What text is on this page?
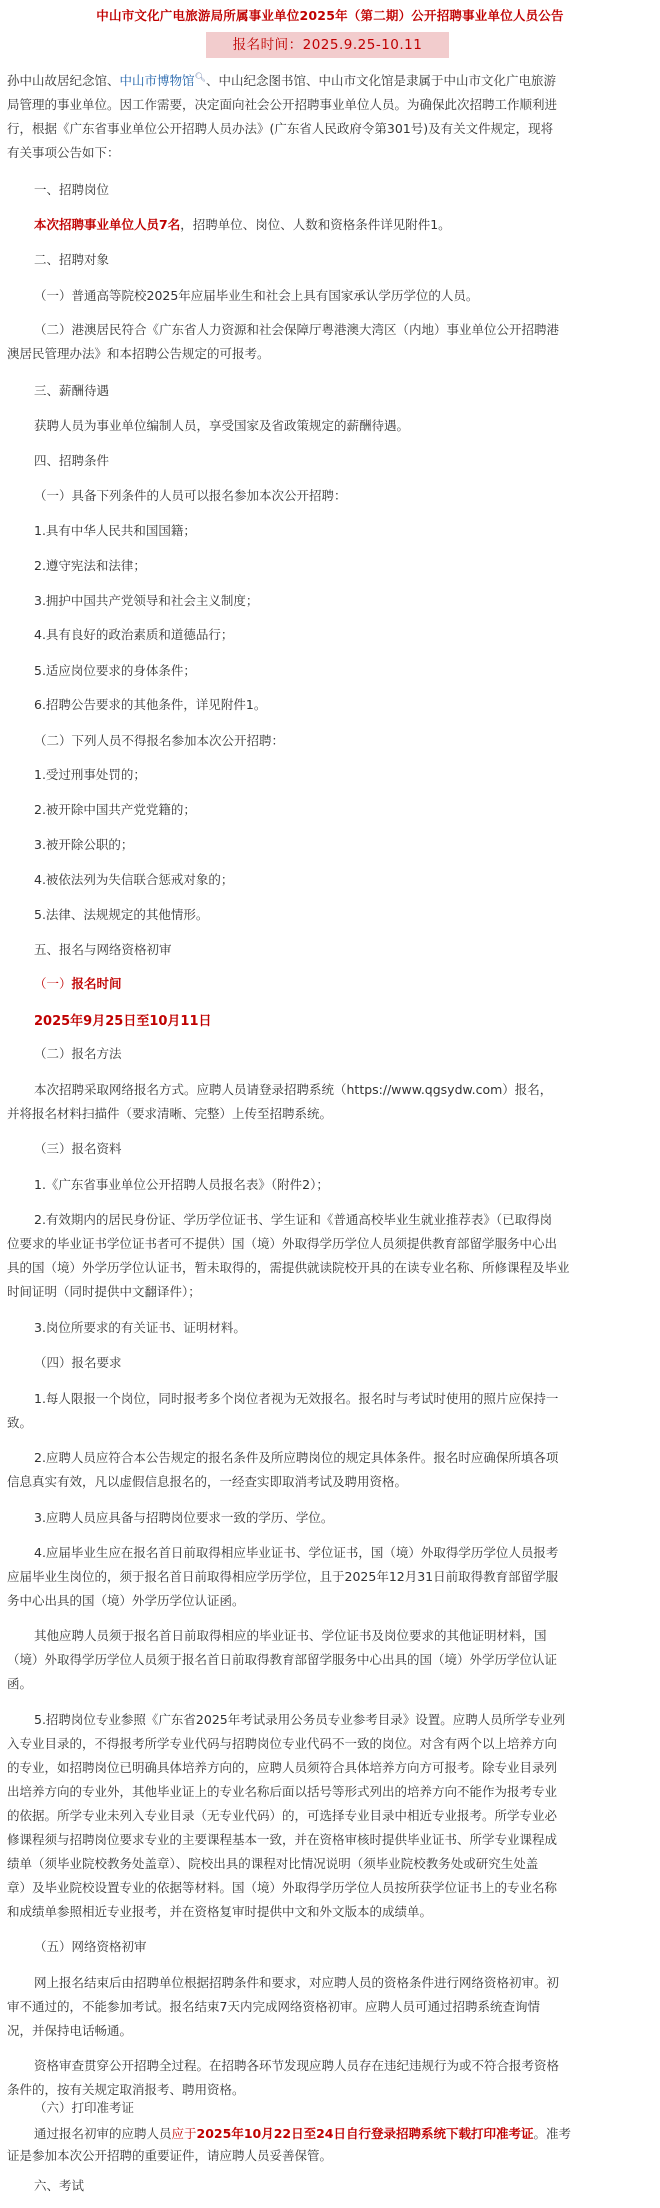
中山市文化广电旅游局所属事业单位2025年（第二期）公开招聘事业单位人员公告
报名时间：2025.9.25-10.11
孙中山故居纪念馆、中山市博物馆🔍︎、中山纪念图书馆、中山市文化馆是隶属于中山市文化广电旅游
局管理的事业单位。因工作需要，决定面向社会公开招聘事业单位人员。为确保此次招聘工作顺利进
行，根据《广东省事业单位公开招聘人员办法》(广东省人民政府令第301号)及有关文件规定，现将
有关事项公告如下：
一、招聘岗位
本次招聘事业单位人员7名，招聘单位、岗位、人数和资格条件详见附件1。
二、招聘对象
（一）普通高等院校2025年应届毕业生和社会上具有国家承认学历学位的人员。
（二）港澳居民符合《广东省人力资源和社会保障厅粤港澳大湾区（内地）事业单位公开招聘港
澳居民管理办法》和本招聘公告规定的可报考。
三、薪酬待遇
获聘人员为事业单位编制人员，享受国家及省政策规定的薪酬待遇。
四、招聘条件
（一）具备下列条件的人员可以报名参加本次公开招聘：
1.具有中华人民共和国国籍；
2.遵守宪法和法律；
3.拥护中国共产党领导和社会主义制度；
4.具有良好的政治素质和道德品行；
5.适应岗位要求的身体条件；
6.招聘公告要求的其他条件，详见附件1。
（二）下列人员不得报名参加本次公开招聘：
1.受过刑事处罚的；
2.被开除中国共产党党籍的；
3.被开除公职的；
4.被依法列为失信联合惩戒对象的；
5.法律、法规规定的其他情形。
五、报名与网络资格初审
（一）报名时间
2025年9月25日至10月11日
（二）报名方法
本次招聘采取网络报名方式。应聘人员请登录招聘系统（https://www.qgsydw.com）报名，
并将报名材料扫描件（要求清晰、完整）上传至招聘系统。
（三）报名资料
1.《广东省事业单位公开招聘人员报名表》（附件2）；
2.有效期内的居民身份证、学历学位证书、学生证和《普通高校毕业生就业推荐表》（已取得岗
位要求的毕业证书学位证书者可不提供）国（境）外取得学历学位人员须提供教育部留学服务中心出
具的国（境）外学历学位认证书，暂未取得的，需提供就读院校开具的在读专业名称、所修课程及毕业
时间证明（同时提供中文翻译件）；
3.岗位所要求的有关证书、证明材料。
（四）报名要求
1.每人限报一个岗位，同时报考多个岗位者视为无效报名。报名时与考试时使用的照片应保持一
致。
2.应聘人员应符合本公告规定的报名条件及所应聘岗位的规定具体条件。报名时应确保所填各项
信息真实有效，凡以虚假信息报名的，一经查实即取消考试及聘用资格。
3.应聘人员应具备与招聘岗位要求一致的学历、学位。
4.应届毕业生应在报名首日前取得相应毕业证书、学位证书，国（境）外取得学历学位人员报考
应届毕业生岗位的，须于报名首日前取得相应学历学位，且于2025年12月31日前取得教育部留学服
务中心出具的国（境）外学历学位认证函。
其他应聘人员须于报名首日前取得相应的毕业证书、学位证书及岗位要求的其他证明材料，国
（境）外取得学历学位人员须于报名首日前取得教育部留学服务中心出具的国（境）外学历学位认证
函。
5.招聘岗位专业参照《广东省2025年考试录用公务员专业参考目录》设置。应聘人员所学专业列
入专业目录的，不得报考所学专业代码与招聘岗位专业代码不一致的岗位。对含有两个以上培养方向
的专业，如招聘岗位已明确具体培养方向的，应聘人员须符合具体培养方向方可报考。除专业目录列
出培养方向的专业外，其他毕业证上的专业名称后面以括号等形式列出的培养方向不能作为报考专业
的依据。所学专业未列入专业目录（无专业代码）的，可选择专业目录中相近专业报考。所学专业必
修课程须与招聘岗位要求专业的主要课程基本一致，并在资格审核时提供毕业证书、所学专业课程成
绩单（须毕业院校教务处盖章）、院校出具的课程对比情况说明（须毕业院校教务处或研究生处盖
章）及毕业院校设置专业的依据等材料。国（境）外取得学历学位人员按所获学位证书上的专业名称
和成绩单参照相近专业报考，并在资格复审时提供中文和外文版本的成绩单。
（五）网络资格初审
网上报名结束后由招聘单位根据招聘条件和要求，对应聘人员的资格条件进行网络资格初审。初
审不通过的，不能参加考试。报名结束7天内完成网络资格初审。应聘人员可通过招聘系统查询情
况，并保持电话畅通。
资格审查贯穿公开招聘全过程。在招聘各环节发现应聘人员存在违纪违规行为或不符合报考资格
条件的，按有关规定取消报考、聘用资格。
（六）打印准考证
通过报名初审的应聘人员应于2025年10月22日至24日自行登录招聘系统下载打印准考证。准考
证是参加本次公开招聘的重要证件，请应聘人员妥善保管。
六、考试
